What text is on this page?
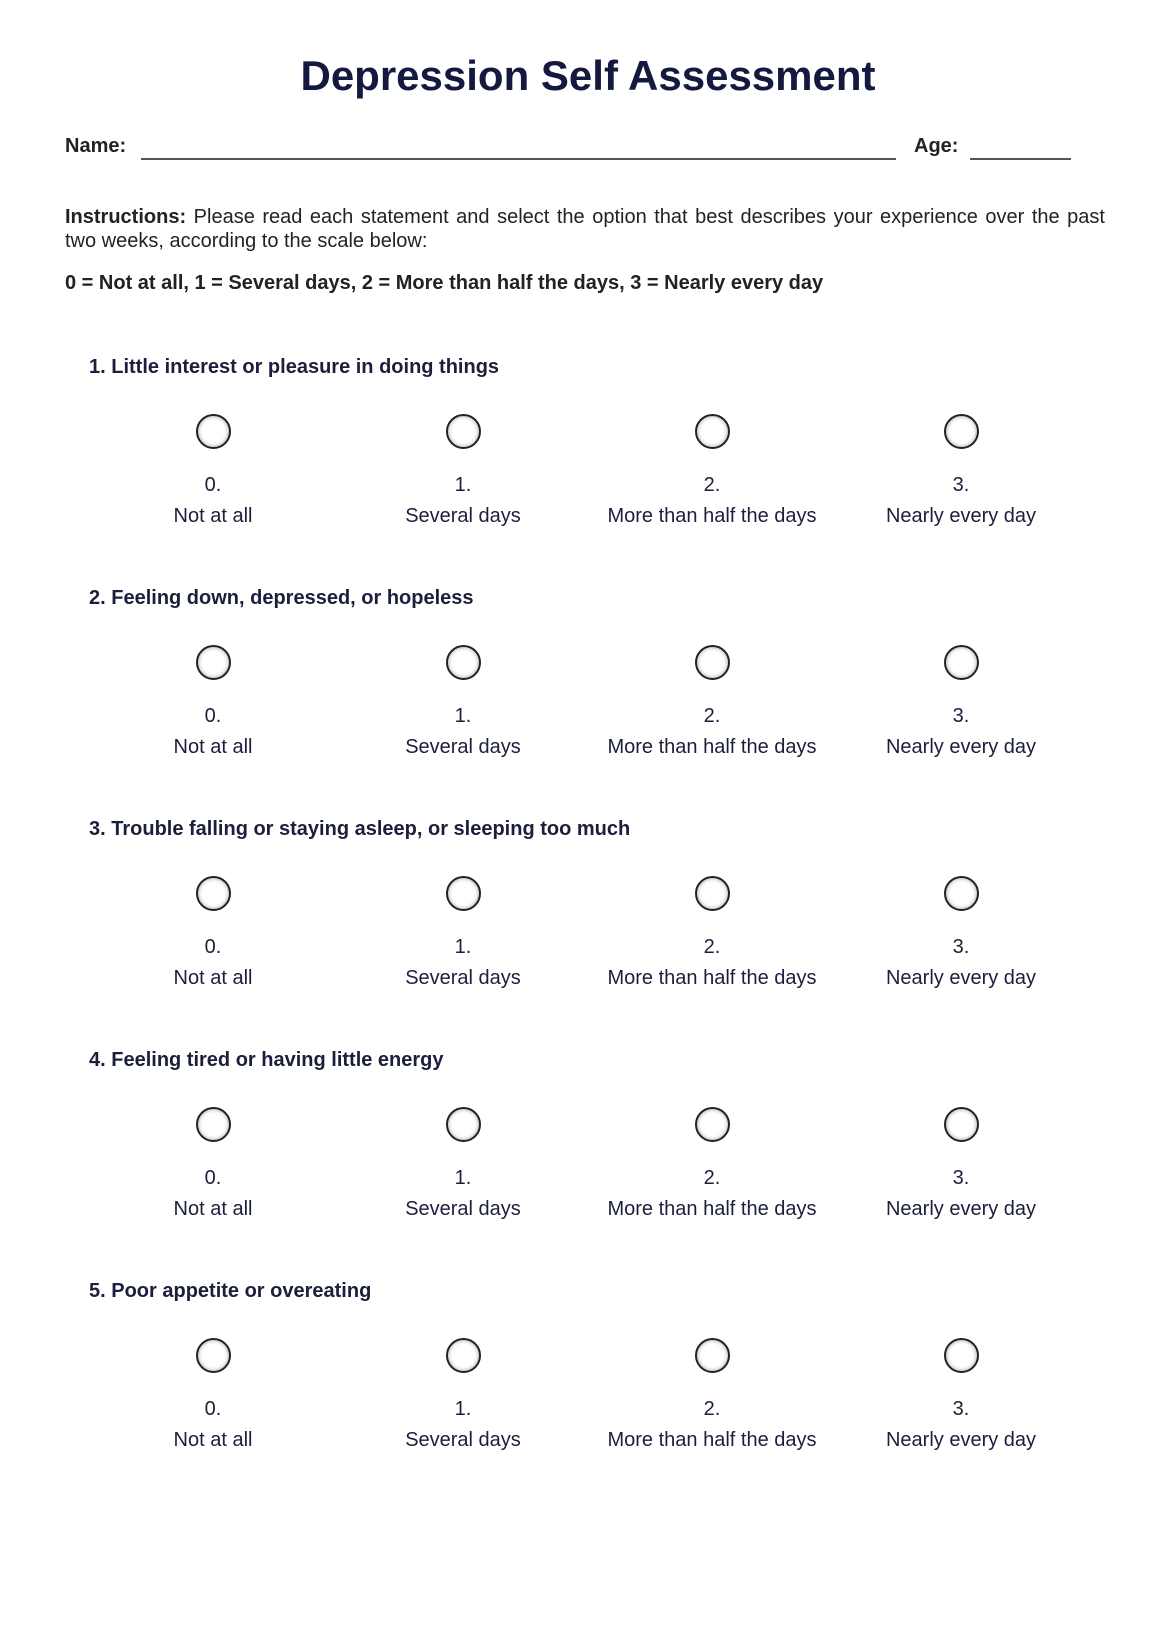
Depression Self Assessment
Name:	Age:
Instructions: Please read each statement and select the option that best describes your experience over the past two weeks, according to the scale below:
0 = Not at all, 1 = Several days, 2 = More than half the days, 3 = Nearly every day
1. Little interest or pleasure in doing things
0.
Not at all
1.
Several days
2.
More than half the days
3.
Nearly every day
2. Feeling down, depressed, or hopeless
0.
Not at all
1.
Several days
2.
More than half the days
3.
Nearly every day
3. Trouble falling or staying asleep, or sleeping too much
0.
Not at all
1.
Several days
2.
More than half the days
3.
Nearly every day
4. Feeling tired or having little energy
0.
Not at all
1.
Several days
2.
More than half the days
3.
Nearly every day
5. Poor appetite or overeating
0.
Not at all
1.
Several days
2.
More than half the days
3.
Nearly every day
